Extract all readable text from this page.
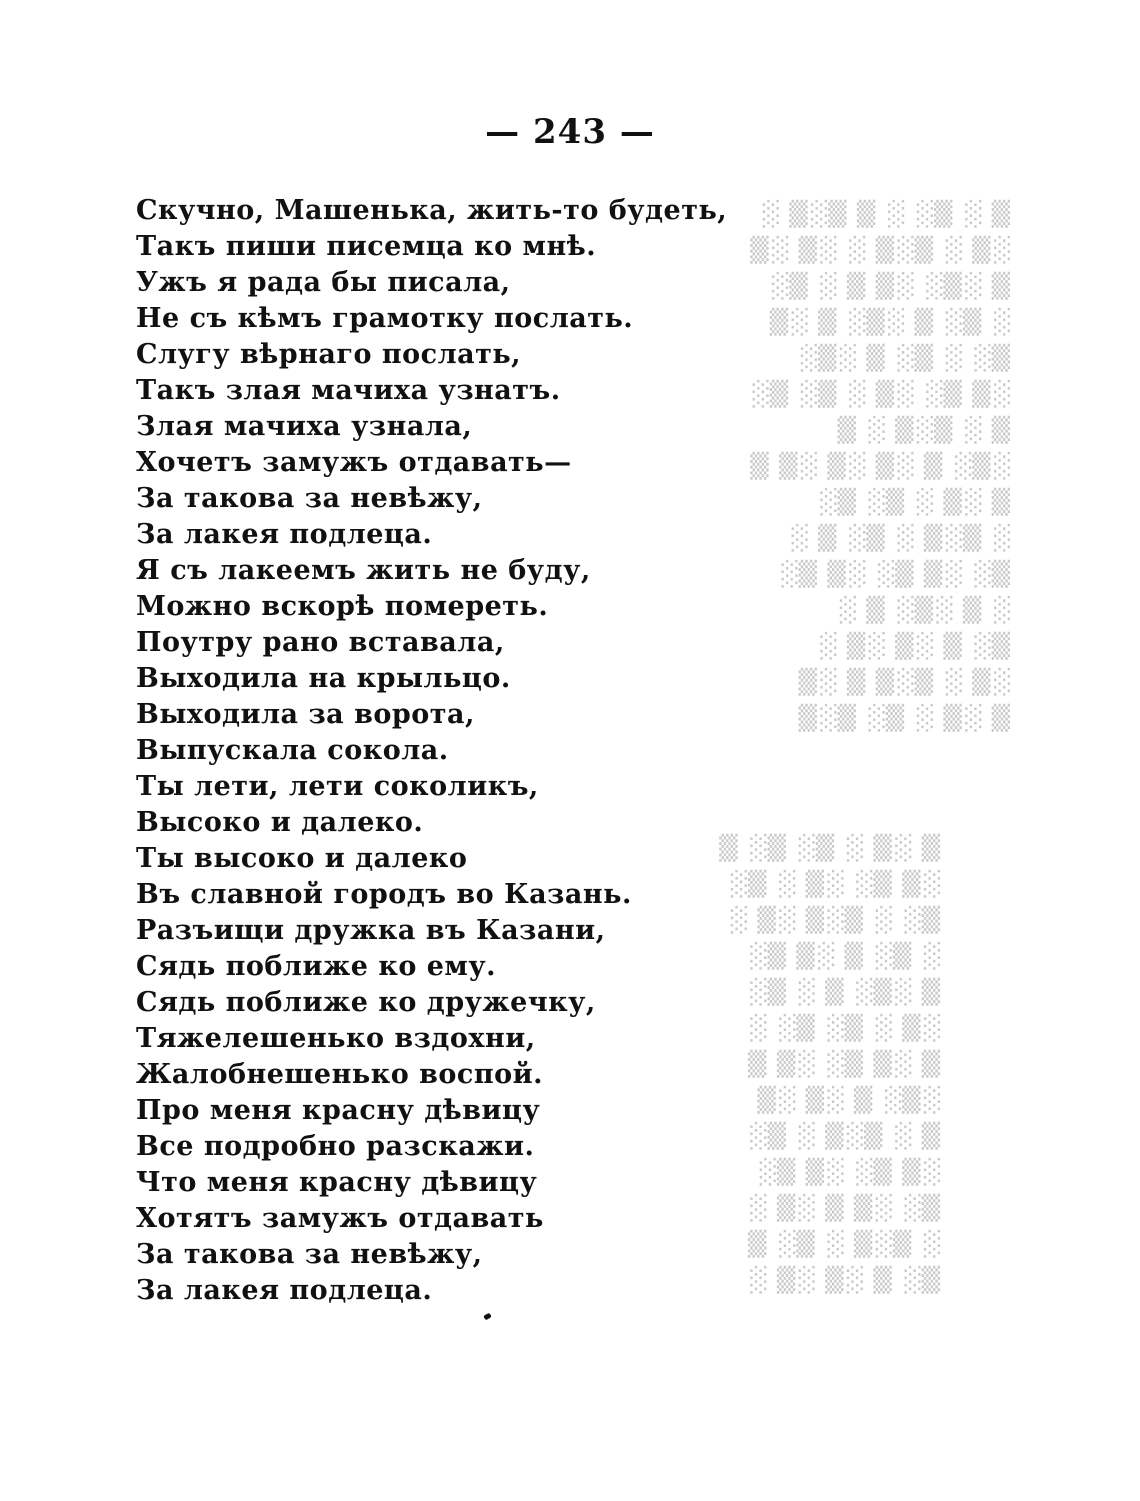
— 243 —
Скучно, Машенька, жить-то будеть,
Такъ пиши писемца ко мнѣ.
Ужъ я рада бы писала,
Не съ кѣмъ грамотку послать.
Слугу вѣрнаго послать,
Такъ злая мачиха узнатъ.
Злая мачиха узнала,
Хочетъ замужъ отдавать—
За такова за невѣжу,
За лакея подлеца.
Я съ лакеемъ жить не буду,
Можно вскорѣ помереть.
Поутру рано вставала,
Выходила на крыльцо.
Выходила за ворота,
Выпускала сокола.
Ты лети, лети соколикъ,
Высоко и далеко.
Ты высоко и далеко
Въ славной городъ во Казань.
Разъищи дружка въ Казани,
Сядь поближе ко ему.
Сядь поближе ко дружечку,
Тяжелешенько вздохни,
Жалобнешенько воспой.
Про меня красну дѣвицу
Все подробно разскажи.
Что меня красну дѣвицу
Хотятъ замужъ отдавать
За такова за невѣжу,
За лакея подлеца.
▒ ░ ▒░ ░ ▒ ▒░▒ ░
░▒ ░ ▒░▒ ░ ░▒ ░▒
▒ ░▒░ ░▒ ▒ ░ ▒░
░ ▒░ ▒ ░▒░ ▒ ░▒
▒░ ░ ▒░ ▒ ░▒░
░▒ ▒░ ░▒ ░ ▒░ ▒░
▒ ░ ▒░▒ ░ ▒
░▒░ ▒ ░▒ ░▒ ░▒ ▒
▒ ░▒ ░ ▒░ ▒░
░ ▒░▒ ░ ▒░ ▒ ░
▒░ ░▒ ▒░ ░▒ ▒░
░ ▒ ░▒░ ▒ ░
▒░ ▒ ░▒ ░▒ ░
░▒ ░ ▒░▒ ▒ ░▒
▒ ░▒ ░ ▒░ ▒░▒
▒ ░▒ ░ ▒░ ▒░ ▒
░▒ ▒░ ░▒ ░ ▒░
▒░ ░ ▒░▒ ░▒ ░
░ ▒░ ▒ ░▒ ▒░
▒ ░▒░ ▒ ░ ▒░
░▒ ░ ▒░ ▒░ ░
▒ ░▒ ▒░ ░▒ ▒
░▒░ ▒ ░▒ ░▒
▒ ░ ▒░▒ ░ ▒░
░▒ ▒░ ░▒ ▒░
▒░ ░▒ ▒ ░▒ ░
░ ▒░▒ ░ ▒░ ▒
▒░ ▒ ░▒ ░▒ ░
